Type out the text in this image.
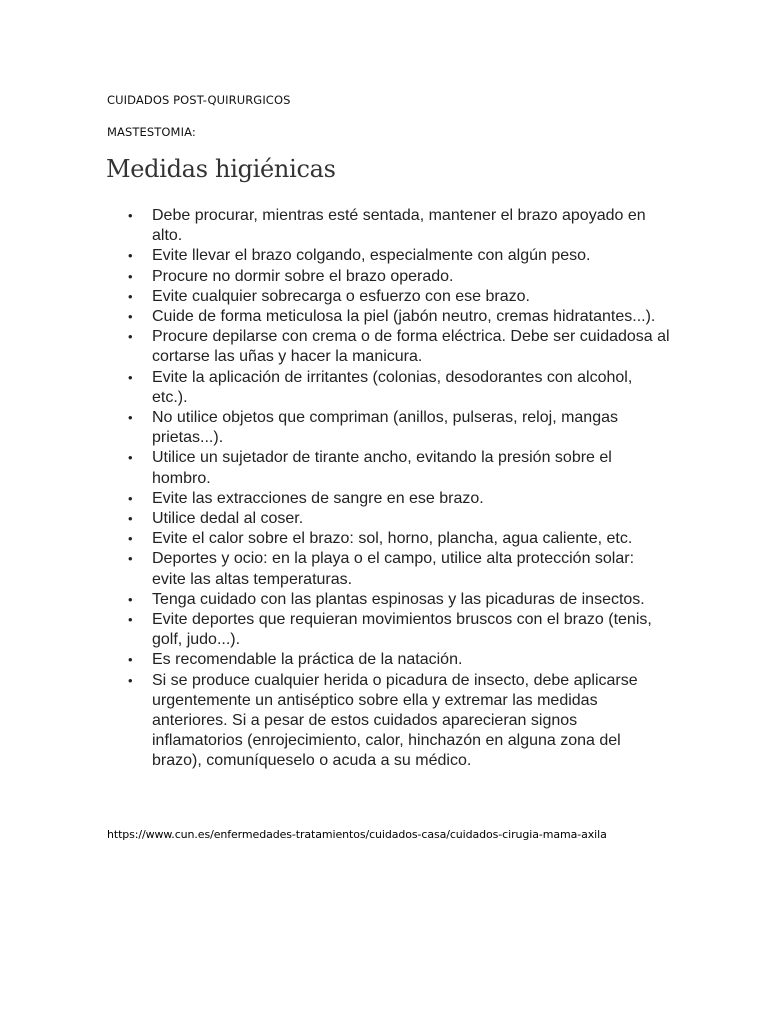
CUIDADOS POST-QUIRURGICOS
MASTESTOMIA:
Medidas higiénicas
• Debe procurar, mientras esté sentada, mantener el brazo apoyado en alto.
• Evite llevar el brazo colgando, especialmente con algún peso.
• Procure no dormir sobre el brazo operado.
• Evite cualquier sobrecarga o esfuerzo con ese brazo.
• Cuide de forma meticulosa la piel (jabón neutro, cremas hidratantes...).
• Procure depilarse con crema o de forma eléctrica. Debe ser cuidadosa al cortarse las uñas y hacer la manicura.
• Evite la aplicación de irritantes (colonias, desodorantes con alcohol, etc.).
• No utilice objetos que compriman (anillos, pulseras, reloj, mangas prietas...).
• Utilice un sujetador de tirante ancho, evitando la presión sobre el hombro.
• Evite las extracciones de sangre en ese brazo.
• Utilice dedal al coser.
• Evite el calor sobre el brazo: sol, horno, plancha, agua caliente, etc.
• Deportes y ocio: en la playa o el campo, utilice alta protección solar: evite las altas temperaturas.
• Tenga cuidado con las plantas espinosas y las picaduras de insectos.
• Evite deportes que requieran movimientos bruscos con el brazo (tenis, golf, judo...).
• Es recomendable la práctica de la natación.
• Si se produce cualquier herida o picadura de insecto, debe aplicarse urgentemente un antiséptico sobre ella y extremar las medidas anteriores. Si a pesar de estos cuidados aparecieran signos inflamatorios (enrojecimiento, calor, hinchazón en alguna zona del brazo), comuníqueselo o acuda a su médico.
https://www.cun.es/enfermedades-tratamientos/cuidados-casa/cuidados-cirugia-mama-axila
